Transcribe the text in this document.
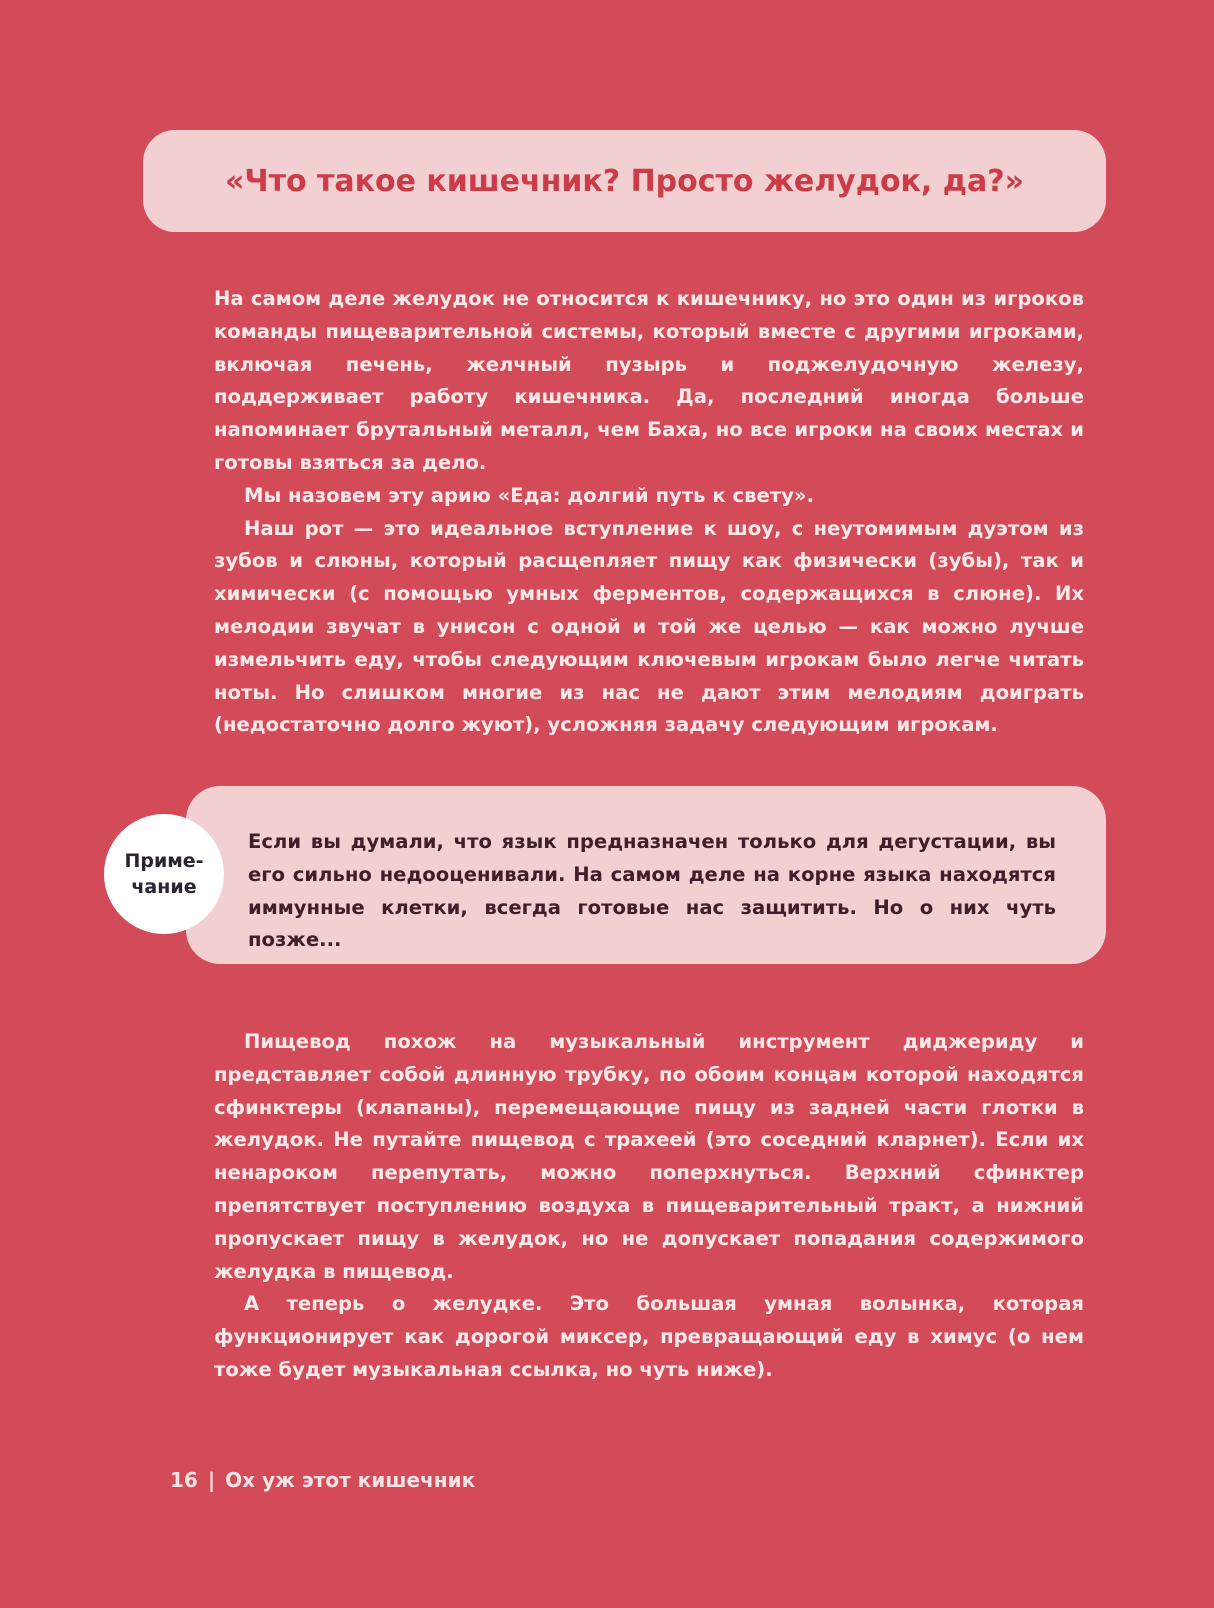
«Что такое кишечник? Просто желудок, да?»

На самом деле желудок не относится к кишечнику, но это один из игроков команды пищеварительной системы, который вместе с другими игроками, включая печень, желчный пузырь и поджелудочную железу, поддерживает работу кишечника. Да, последний иногда больше напоминает брутальный металл, чем Баха, но все игроки на своих местах и готовы взяться за дело.

Мы назовем эту арию «Еда: долгий путь к свету».

Наш рот — это идеальное вступление к шоу, с неутомимым дуэтом из зубов и слюны, который расщепляет пищу как физически (зубы), так и химически (с помощью умных ферментов, содержащихся в слюне). Их мелодии звучат в унисон с одной и той же целью — как можно лучше измельчить еду, чтобы следующим ключевым игрокам было легче читать ноты. Но слишком многие из нас не дают этим мелодиям доиграть (недостаточно долго жуют), усложняя задачу следующим игрокам.

Если вы думали, что язык предназначен только для дегустации, вы его сильно недооценивали. На самом деле на корне языка находятся иммунные клетки, всегда готовые нас защитить. Но о них чуть позже...

Приме-
чание

Пищевод похож на музыкальный инструмент диджериду и представляет собой длинную трубку, по обоим концам которой находятся сфинктеры (клапаны), перемещающие пищу из задней части глотки в желудок. Не путайте пищевод с трахеей (это соседний кларнет). Если их ненароком перепутать, можно поперхнуться. Верхний сфинктер препятствует поступлению воздуха в пищеварительный тракт, а нижний пропускает пищу в желудок, но не допускает попадания содержимого желудка в пищевод.

А теперь о желудке. Это большая умная волынка, которая функционирует как дорогой миксер, превращающий еду в химус (о нем тоже будет музыкальная ссылка, но чуть ниже).

16 | Ох уж этот кишечник
